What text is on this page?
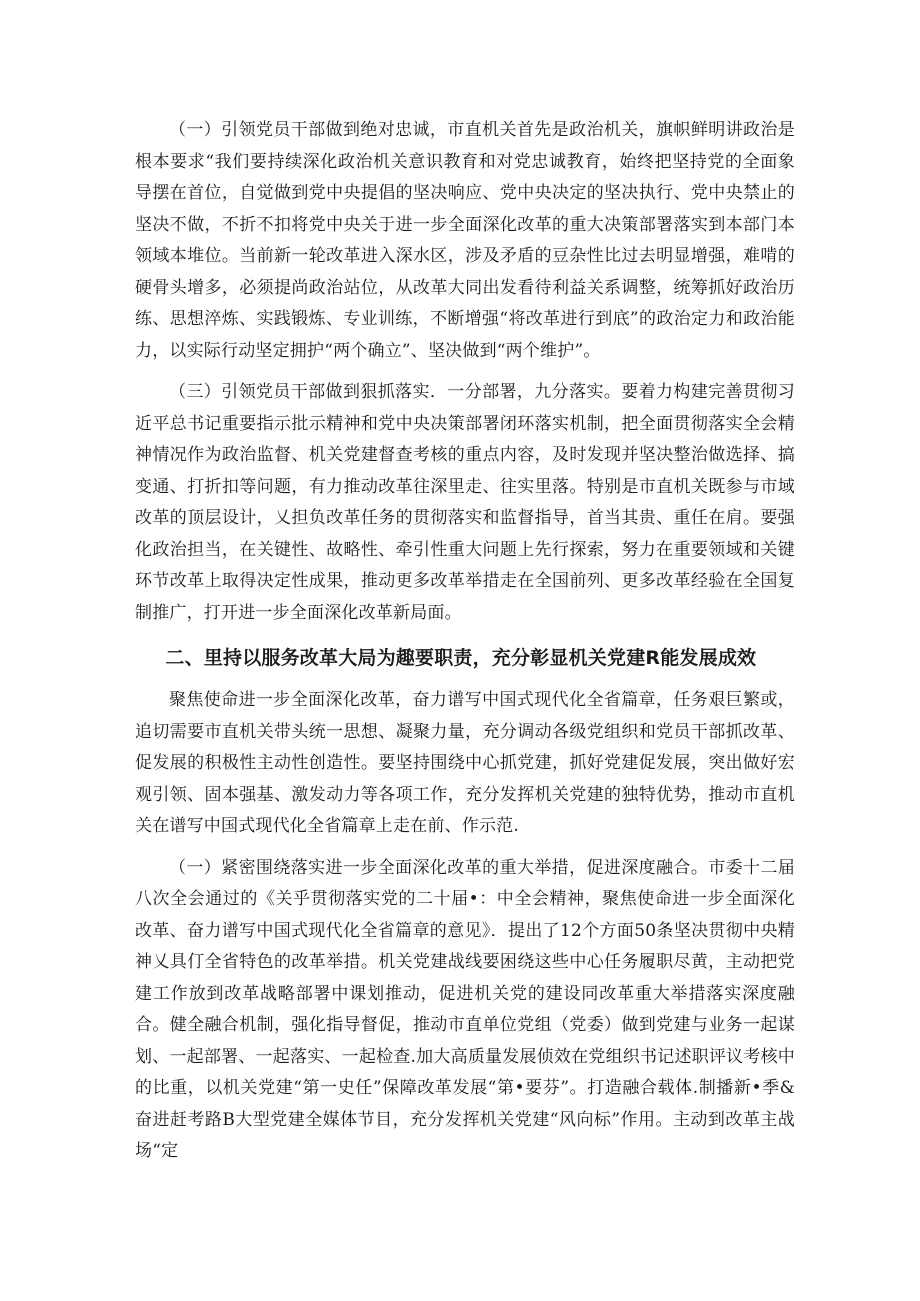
（一）引领党员干部做到绝对忠诚，市直机关首先是政治机关，旗帜鲜明讲政治是根本要求“我们要持续深化政治机关意识教育和对党忠诚教育，始终把坚持党的全面象导摆在首位，自觉做到党中央提倡的坚决响应、党中央决定的坚决执行、党中央禁止的坚决不做，不折不扣将党中央关于进一步全面深化改革的重大决策部署落实到本部门本领域本堆位。当前新一轮改革进入深水区，涉及矛盾的豆杂性比过去明显增强，难啃的硬骨头增多，必须提尚政治站位，从改革大同出发看待利益关系调整，统筹抓好政治历练、思想淬炼、实践锻炼、专业训练，不断增强“将改革进行到底”的政治定力和政治能力，以实际行动坚定拥护“两个确立”、坚决做到“两个维护”。

（三）引领党员干部做到狠抓落实．一分部署，九分落实。要着力构建完善贯彻习近平总书记重要指示批示精神和党中央决策部署闭环落实机制，把全面贯彻落实全会精神情况作为政治监督、机关党建督查考核的重点内容，及时发现并坚决整治做选择、搞变通、打折扣等问题，有力推动改革往深里走、往实里落。特别是市直机关既参与市域改革的顶层设计，乂担负改革任务的贯彻落实和监督指导，首当其贵、重任在肩。要强化政治担当，在关键性、故略性、牵引性重大问题上先行探索，努力在重要领域和关键环节改革上取得决定性成果，推动更多改革举措走在全国前列、更多改革经验在全国复制推广，打开进一步全面深化改革新局面。

二、里持以服务改革大局为趣要职责，充分彰显机关党建R能发展成效

聚焦使命进一步全面深化改革，奋力谱写中国式现代化全省篇章，任务艰巨繁或，追切需要市直机关带头统一思想、凝聚力量，充分调动各级党组织和党员干部抓改革、促发展的积极性主动性创造性。要坚持围绕中心抓党建，抓好党建促发展，突出做好宏观引领、固本强基、激发动力等各项工作，充分发挥机关党建的独特优势，推动市直机关在谱写中国式现代化全省篇章上走在前、作示范.

（一）紧密围绕落实进一步全面深化改革的重大举措，促进深度融合。市委十二届八次全会通过的《关乎贯彻落实党的二十届•：中全会精神，聚焦使命进一步全面深化改革、奋力谱写中国式现代化全省篇章的意见》．提出了12个方面50条坚决贯彻中央精神乂具仃全省特色的改革举措。机关党建战线要困绕这些中心任务履职尽黄，主动把党建工作放到改革战略部署中课划推动，促进机关党的建设同改革重大举措落实深度融合。健全融合机制，强化指导督促，推动市直单位党组（党委）做到党建与业务一起谋划、一起部署、一起落实、一起检查.加大高质量发展侦效在党组织书记述职评议考核中的比重，以机关党建“第一史任”保障改革发展“第•要芬”。打造融合载体.制播新•季&奋进赶考路B大型党建全媒体节目，充分发挥机关党建“风向标”作用。主动到改革主战场“定
